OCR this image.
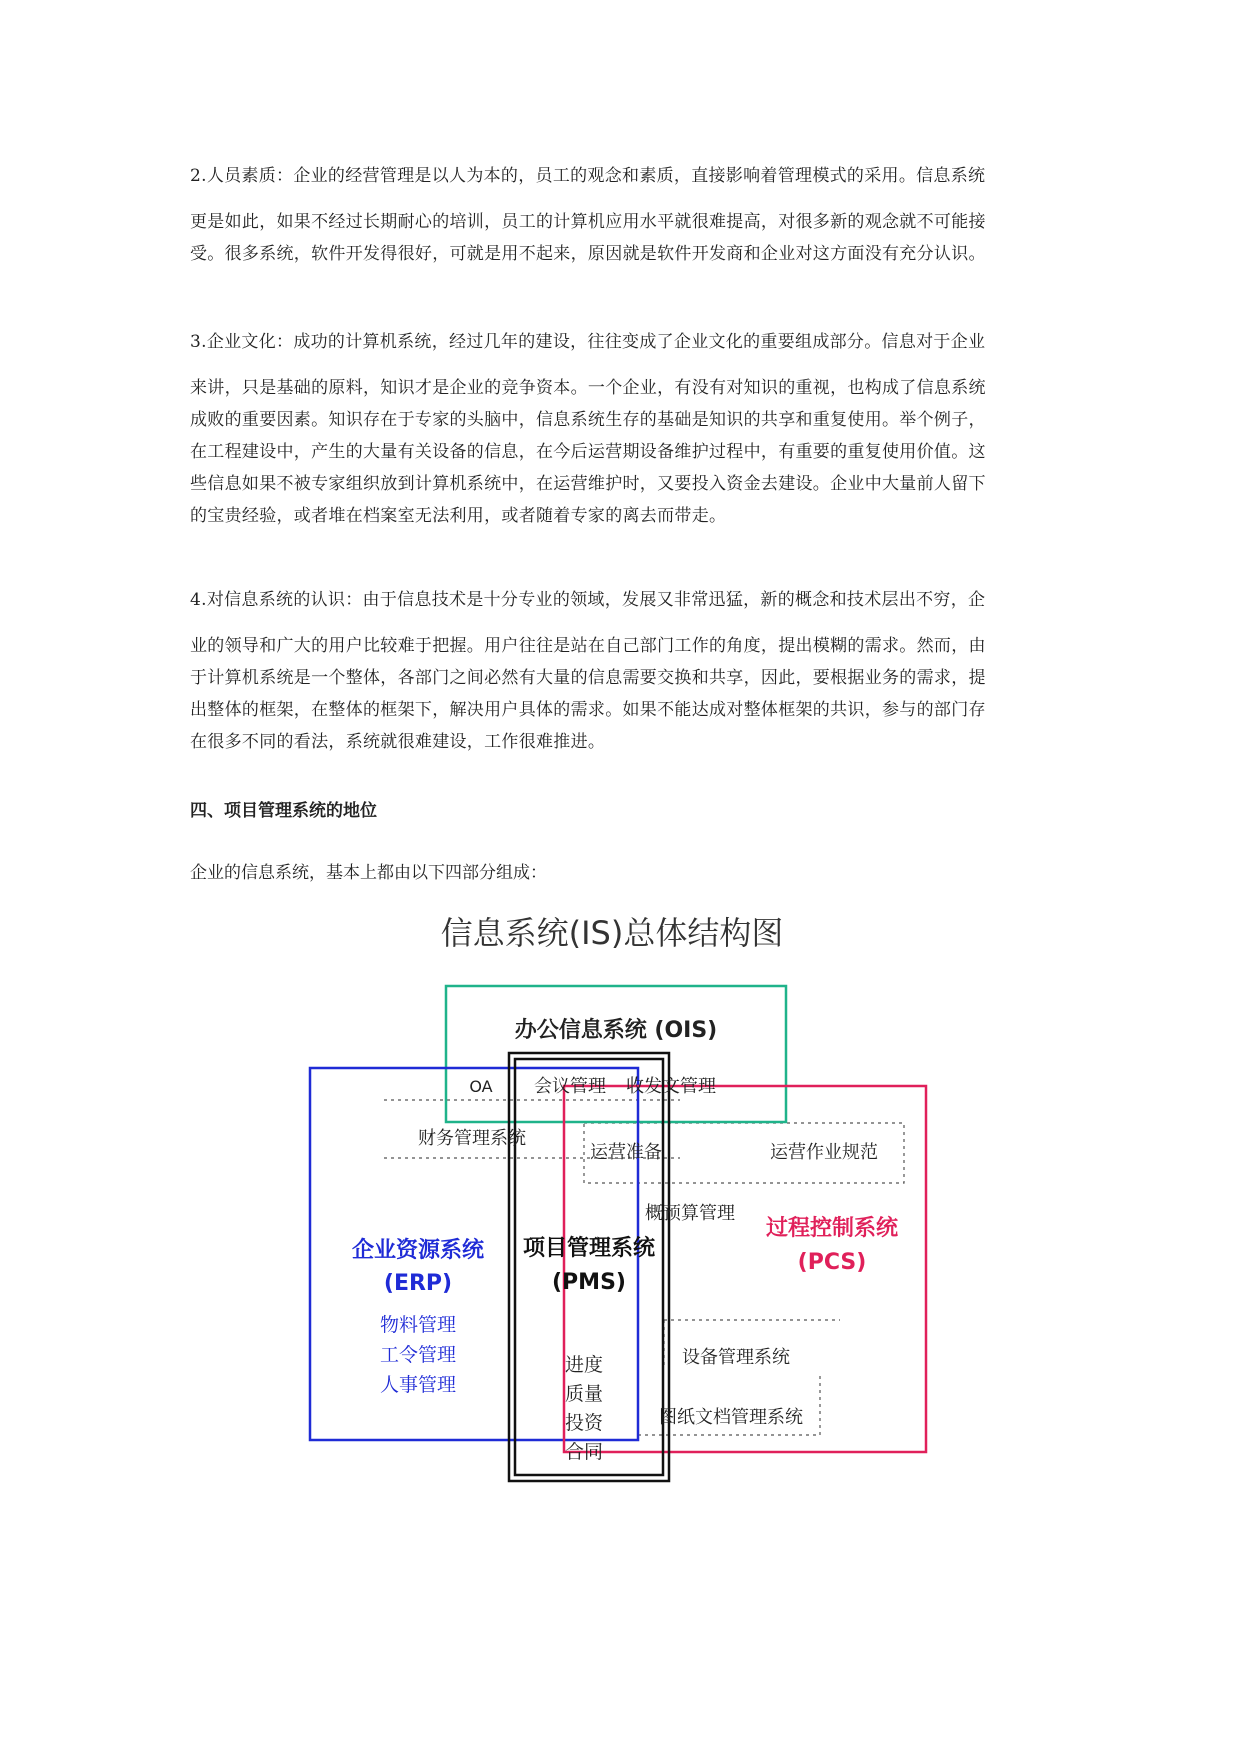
2.人员素质：企业的经营管理是以人为本的，员工的观念和素质，直接影响着管理模式的采用。信息系统
更是如此，如果不经过长期耐心的培训，员工的计算机应用水平就很难提高，对很多新的观念就不可能接
受。很多系统，软件开发得很好，可就是用不起来，原因就是软件开发商和企业对这方面没有充分认识。
3.企业文化：成功的计算机系统，经过几年的建设，往往变成了企业文化的重要组成部分。信息对于企业
来讲，只是基础的原料，知识才是企业的竞争资本。一个企业，有没有对知识的重视，也构成了信息系统
成败的重要因素。知识存在于专家的头脑中，信息系统生存的基础是知识的共享和重复使用。举个例子，
在工程建设中，产生的大量有关设备的信息，在今后运营期设备维护过程中，有重要的重复使用价值。这
些信息如果不被专家组织放到计算机系统中，在运营维护时，又要投入资金去建设。企业中大量前人留下
的宝贵经验，或者堆在档案室无法利用，或者随着专家的离去而带走。
4.对信息系统的认识：由于信息技术是十分专业的领域，发展又非常迅猛，新的概念和技术层出不穷，企
业的领导和广大的用户比较难于把握。用户往往是站在自己部门工作的角度，提出模糊的需求。然而，由
于计算机系统是一个整体，各部门之间必然有大量的信息需要交换和共享，因此，要根据业务的需求，提
出整体的框架，在整体的框架下，解决用户具体的需求。如果不能达成对整体框架的共识，参与的部门存
在很多不同的看法，系统就很难建设，工作很难推进。

四、项目管理系统的地位

企业的信息系统，基本上都由以下四部分组成：

信息系统(IS)总体结构图
办公信息系统 (OIS)
OA 会议管理 收发文管理
财务管理系统
运营准备	运营作业规范
概预算管理
企业资源系统
(ERP)
物料管理
工令管理
人事管理
项目管理系统
(PMS)
进度
质量
投资
合同
过程控制系统
(PCS)
设备管理系统
图纸文档管理系统
